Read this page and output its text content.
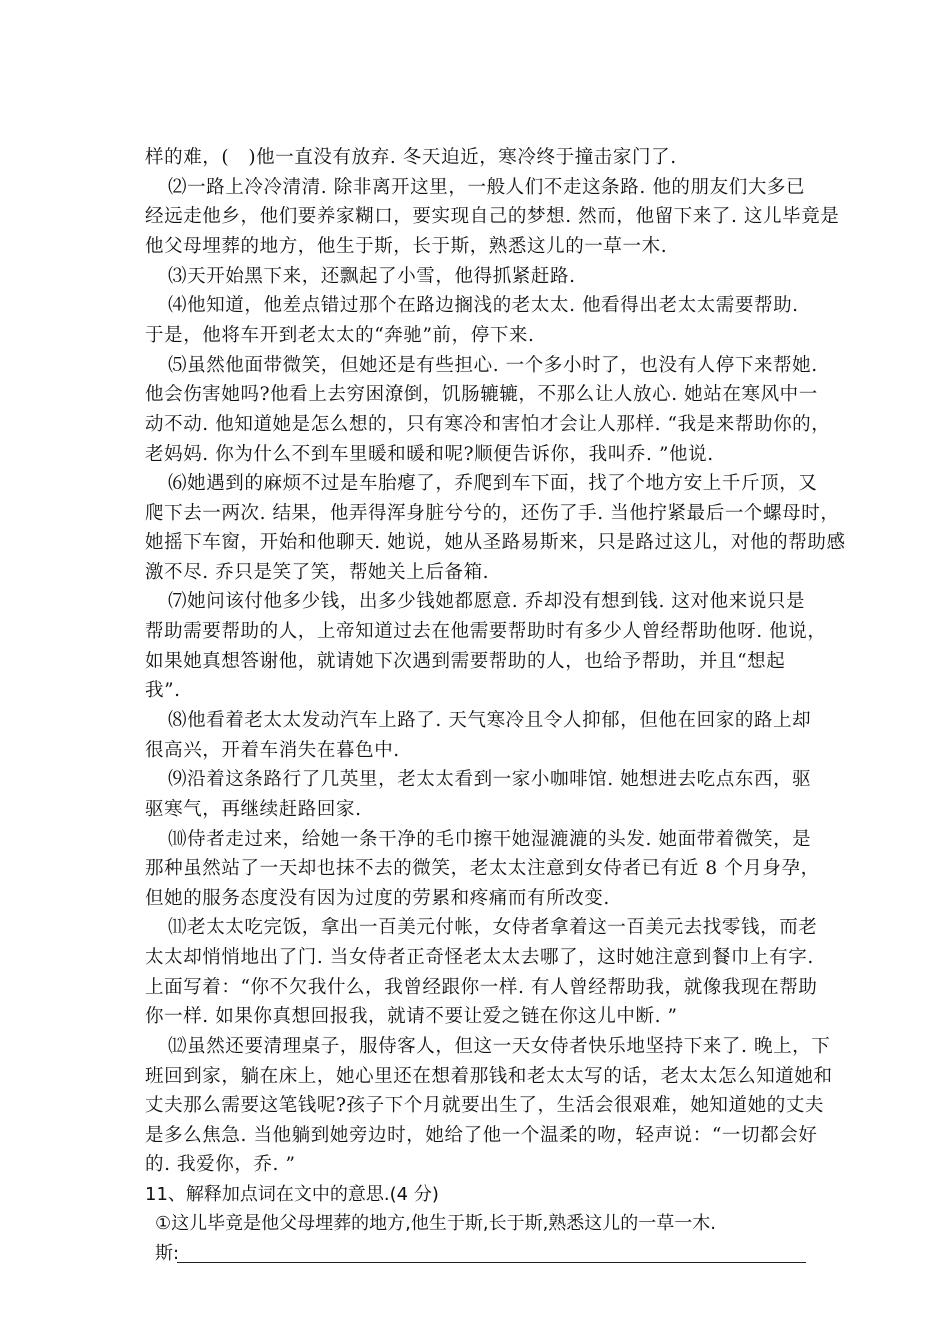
样的难，(　)他一直没有放弃. 冬天迫近，寒冷终于撞击家门了.
⑵一路上冷冷清清. 除非离开这里，一般人们不走这条路. 他的朋友们大多已
经远走他乡，他们要养家糊口，要实现自己的梦想. 然而，他留下来了. 这儿毕竟是
他父母埋葬的地方，他生于斯，长于斯，熟悉这儿的一草一木.
⑶天开始黑下来，还飘起了小雪，他得抓紧赶路.
⑷他知道，他差点错过那个在路边搁浅的老太太. 他看得出老太太需要帮助.
于是，他将车开到老太太的“奔驰”前，停下来.
⑸虽然他面带微笑，但她还是有些担心. 一个多小时了，也没有人停下来帮她.
他会伤害她吗?他看上去穷困潦倒，饥肠辘辘，不那么让人放心. 她站在寒风中一
动不动. 他知道她是怎么想的，只有寒冷和害怕才会让人那样. “我是来帮助你的，
老妈妈. 你为什么不到车里暖和暖和呢?顺便告诉你，我叫乔. ”他说.
⑹她遇到的麻烦不过是车胎瘪了，乔爬到车下面，找了个地方安上千斤顶，又
爬下去一两次. 结果，他弄得浑身脏兮兮的，还伤了手. 当他拧紧最后一个螺母时，
她摇下车窗，开始和他聊天. 她说，她从圣路易斯来，只是路过这儿，对他的帮助感
激不尽. 乔只是笑了笑，帮她关上后备箱.
⑺她问该付他多少钱，出多少钱她都愿意. 乔却没有想到钱. 这对他来说只是
帮助需要帮助的人，上帝知道过去在他需要帮助时有多少人曾经帮助他呀. 他说，
如果她真想答谢他，就请她下次遇到需要帮助的人，也给予帮助，并且“想起
我”.
⑻他看着老太太发动汽车上路了. 天气寒冷且令人抑郁，但他在回家的路上却
很高兴，开着车消失在暮色中.
⑼沿着这条路行了几英里，老太太看到一家小咖啡馆. 她想进去吃点东西，驱
驱寒气，再继续赶路回家.
⑽侍者走过来，给她一条干净的毛巾擦干她湿漉漉的头发. 她面带着微笑，是
那种虽然站了一天却也抹不去的微笑，老太太注意到女侍者已有近 8 个月身孕，
但她的服务态度没有因为过度的劳累和疼痛而有所改变.
⑾老太太吃完饭，拿出一百美元付帐，女侍者拿着这一百美元去找零钱，而老
太太却悄悄地出了门. 当女侍者正奇怪老太太去哪了，这时她注意到餐巾上有字.
上面写着：“你不欠我什么，我曾经跟你一样. 有人曾经帮助我，就像我现在帮助
你一样. 如果你真想回报我，就请不要让爱之链在你这儿中断. ”
⑿虽然还要清理桌子，服侍客人，但这一天女侍者快乐地坚持下来了. 晚上，下
班回到家，躺在床上，她心里还在想着那钱和老太太写的话，老太太怎么知道她和
丈夫那么需要这笔钱呢?孩子下个月就要出生了，生活会很艰难，她知道她的丈夫
是多么焦急. 当他躺到她旁边时，她给了他一个温柔的吻，轻声说：“一切都会好
的. 我爱你，乔. ”
11、解释加点词在文中的意思.(4 分)
①这儿毕竟是他父母埋葬的地方,他生于斯,长于斯,熟悉这儿的一草一木.
斯:
